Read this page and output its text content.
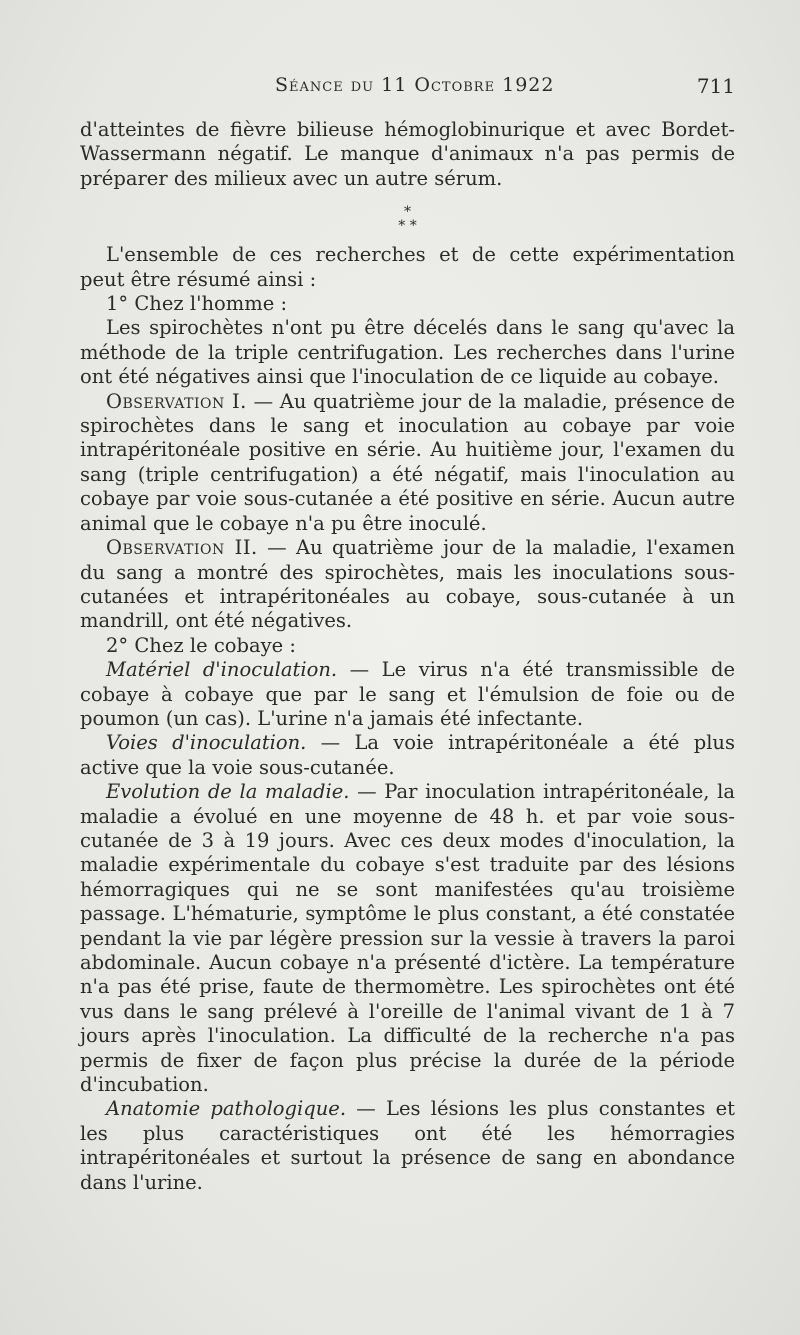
Séance du 11 Octobre 1922	711

d'atteintes de fièvre bilieuse hémoglobinurique et avec Bordet-Wassermann négatif. Le manque d'animaux n'a pas permis de préparer des milieux avec un autre sérum.

*
* *

L'ensemble de ces recherches et de cette expérimentation peut être résumé ainsi :

1° Chez l'homme :

Les spirochètes n'ont pu être décelés dans le sang qu'avec la méthode de la triple centrifugation. Les recherches dans l'urine ont été négatives ainsi que l'inoculation de ce liquide au cobaye.

Observation I. — Au quatrième jour de la maladie, présence de spirochètes dans le sang et inoculation au cobaye par voie intrapéritonéale positive en série. Au huitième jour, l'examen du sang (triple centrifugation) a été négatif, mais l'inoculation au cobaye par voie sous-cutanée a été positive en série. Aucun autre animal que le cobaye n'a pu être inoculé.

Observation II. — Au quatrième jour de la maladie, l'examen du sang a montré des spirochètes, mais les inoculations sous-cutanées et intrapéritonéales au cobaye, sous-cutanée à un mandrill, ont été négatives.

2° Chez le cobaye :

Matériel d'inoculation. — Le virus n'a été transmissible de cobaye à cobaye que par le sang et l'émulsion de foie ou de poumon (un cas). L'urine n'a jamais été infectante.

Voies d'inoculation. — La voie intrapéritonéale a été plus active que la voie sous-cutanée.

Evolution de la maladie. — Par inoculation intrapéritonéale, la maladie a évolué en une moyenne de 48 h. et par voie sous-cutanée de 3 à 19 jours. Avec ces deux modes d'inoculation, la maladie expérimentale du cobaye s'est traduite par des lésions hémorragiques qui ne se sont manifestées qu'au troisième passage. L'hématurie, symptôme le plus constant, a été constatée pendant la vie par légère pression sur la vessie à travers la paroi abdominale. Aucun cobaye n'a présenté d'ictère. La température n'a pas été prise, faute de thermomètre. Les spirochètes ont été vus dans le sang prélevé à l'oreille de l'animal vivant de 1 à 7 jours après l'inoculation. La difficulté de la recherche n'a pas permis de fixer de façon plus précise la durée de la période d'incubation.

Anatomie pathologique. — Les lésions les plus constantes et les plus caractéristiques ont été les hémorragies intrapéritonéales et surtout la présence de sang en abondance dans l'urine.
